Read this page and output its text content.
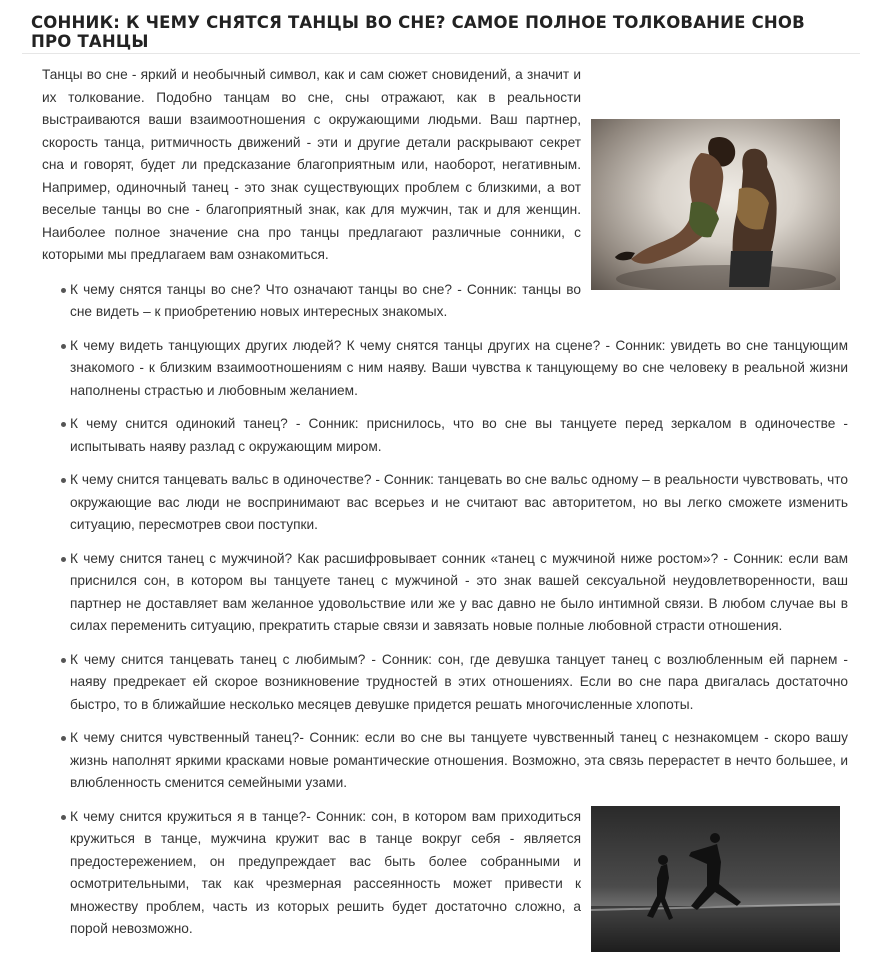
СОННИК: К ЧЕМУ СНЯТСЯ ТАНЦЫ ВО СНЕ? САМОЕ ПОЛНОЕ ТОЛКОВАНИЕ СНОВ ПРО ТАНЦЫ

Танцы во сне - яркий и необычный символ, как и сам сюжет сновидений, а значит и их толкование. Подобно танцам во сне, сны отражают, как в реальности выстраиваются ваши взаимоотношения с окружающими людьми. Ваш партнер, скорость танца, ритмичность движений - эти и другие детали раскрывают секрет сна и говорят, будет ли предсказание благоприятным или, наоборот, негативным. Например, одиночный танец - это знак существующих проблем с близкими, а вот веселые танцы во сне - благоприятный знак, как для мужчин, так и для женщин. Наиболее полное значение сна про танцы предлагают различные сонники, с которыми мы предлагаем вам ознакомиться.

К чему снятся танцы во сне? Что означают танцы во сне? - Сонник: танцы во сне видеть – к приобретению новых интересных знакомых.
К чему видеть танцующих других людей? К чему снятся танцы других на сцене? - Сонник: увидеть во сне танцующим знакомого - к близким взаимоотношениям с ним наяву. Ваши чувства к танцующему во сне человеку в реальной жизни наполнены страстью и любовным желанием.
К чему снится одинокий танец? - Сонник: приснилось, что во сне вы танцуете перед зеркалом в одиночестве - испытывать наяву разлад с окружающим миром.
К чему снится танцевать вальс в одиночестве? - Сонник: танцевать во сне вальс одному – в реальности чувствовать, что окружающие вас люди не воспринимают вас всерьез и не считают вас авторитетом, но вы легко сможете изменить ситуацию, пересмотрев свои поступки.
К чему снится танец с мужчиной? Как расшифровывает сонник «танец с мужчиной ниже ростом»? - Сонник: если вам приснился сон, в котором вы танцуете танец с мужчиной - это знак вашей сексуальной неудовлетворенности, ваш партнер не доставляет вам желанное удовольствие или же у вас давно не было интимной связи. В любом случае вы в силах переменить ситуацию, прекратить старые связи и завязать новые полные любовной страсти отношения.
К чему снится танцевать танец с любимым? - Сонник: сон, где девушка танцует танец с возлюбленным ей парнем - наяву предрекает ей скорое возникновение трудностей в этих отношениях. Если во сне пара двигалась достаточно быстро, то в ближайшие несколько месяцев девушке придется решать многочисленные хлопоты.
К чему снится чувственный танец?- Сонник: если во сне вы танцуете чувственный танец с незнакомцем - скоро вашу жизнь наполнят яркими красками новые романтические отношения. Возможно, эта связь перерастет в нечто большее, и влюбленность сменится семейными узами.
К чему снится кружиться я в танце?- Сонник: сон, в котором вам приходиться кружиться в танце, мужчина кружит вас в танце вокруг себя - является предостережением, он предупреждает вас быть более собранными и осмотрительными, так как чрезмерная рассеянность может привести к множеству проблем, часть из которых решить будет достаточно сложно, а порой невозможно.
